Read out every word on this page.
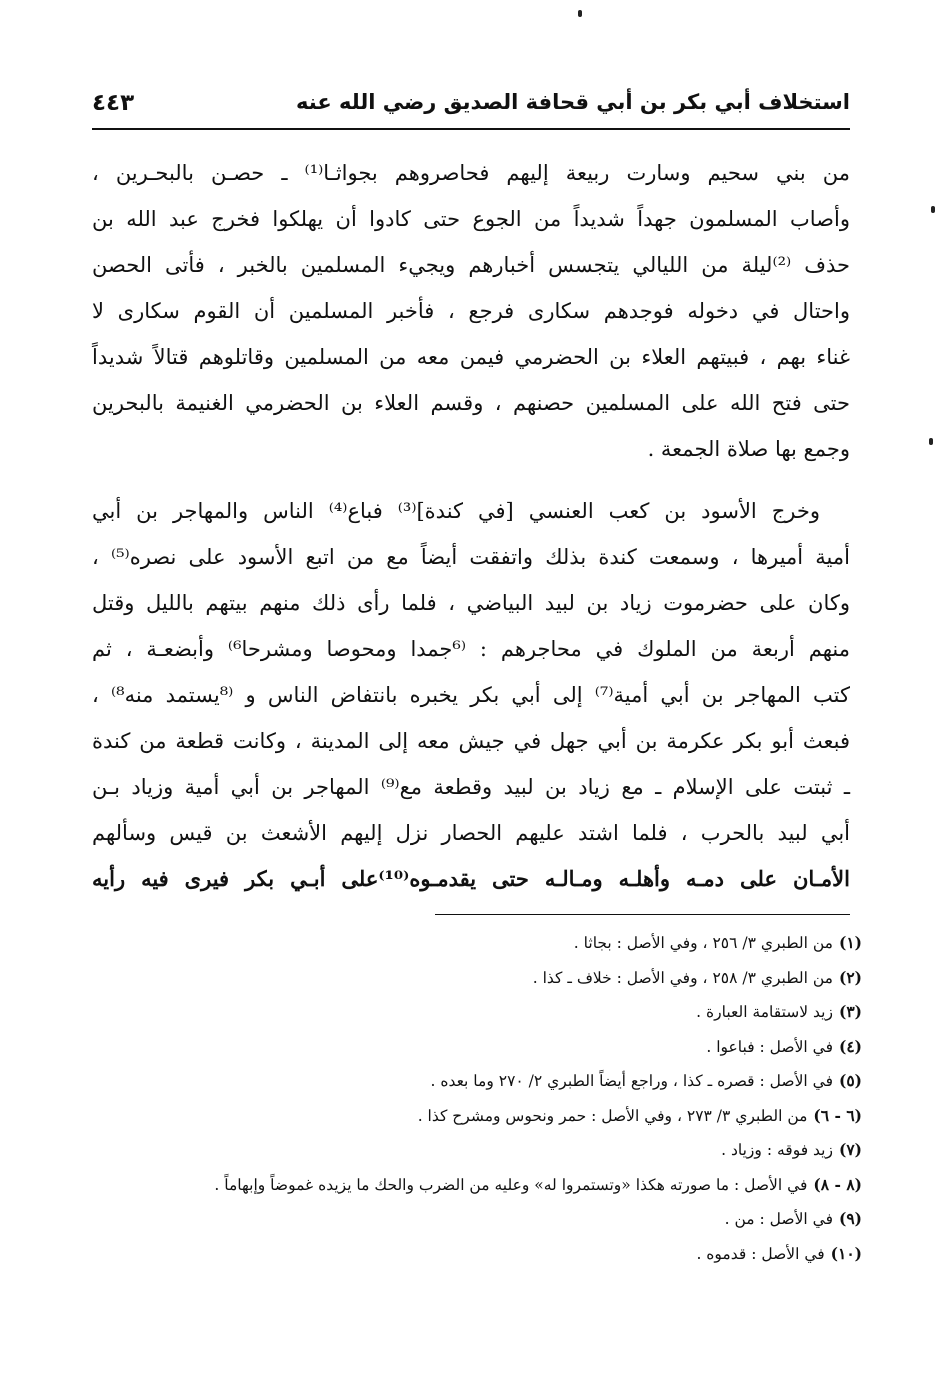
استخلاف أبي بكر بن أبي قحافة الصديق رضي الله عنه
٤٤٣
من بني سحيم وسارت ربيعة إليهم فحاصروهم بجواثـا⁽¹⁾ ـ حصـن بالبحـرين ،
وأصاب المسلمون جهداً شديداً من الجوع حتى كادوا أن يهلكوا فخرج عبد الله بن
حذف ⁽²⁾ليلة من الليالي يتجسس أخبارهم ويجيء المسلمين بالخبر ، فأتى الحصن
واحتال في دخوله فوجدهم سكارى فرجع ، فأخبر المسلمين أن القوم سكارى لا
غناء بهم ، فبيتهم العلاء بن الحضرمي فيمن معه من المسلمين وقاتلوهم قتالاً شديداً
حتى فتح الله على المسلمين حصنهم ، وقسم العلاء بن الحضرمي الغنيمة بالبحرين
وجمع بها صلاة الجمعة .
وخرج الأسود بن كعب العنسي [في كندة]⁽³⁾ فباع⁽⁴⁾ الناس والمهاجر بن أبي
أمية أميرها ، وسمعت كندة بذلك واتفقت أيضاً مع من اتبع الأسود على نصره⁽⁵⁾ ،
وكان على حضرموت زياد بن لبيد البياضي ، فلما رأى ذلك منهم بيتهم بالليل وقتل
منهم أربعة من الملوك في محاجرهم : ⁽⁶جمدا ومحوصا ومشرحا⁶⁾ وأبضعـة ، ثم
كتب المهاجر بن أبي أمية⁽⁷⁾ إلى أبي بكر يخبره بانتفاض الناس و ⁽⁸يستمد منه⁸⁾ ،
فبعث أبو بكر عكرمة بن أبي جهل في جيش معه إلى المدينة ، وكانت قطعة من كندة
ـ ثبتت على الإسلام ـ مع زياد بن لبيد وقطعة مع⁽⁹⁾ المهاجر بن أبي أمية وزياد بـن
أبي لبيد بالحرب ، فلما اشتد عليهم الحصار نزل إليهم الأشعث بن قيس وسألهم
الأمـان على دمـه وأهلـه ومـالـه حتى يقدمـوه⁽¹⁰⁾على أبـي بكر فيرى فيه رأيه
(١)من الطبري ٣/ ٢٥٦ ، وفي الأصل : بجاثا .
(٢)من الطبري ٣/ ٢٥٨ ، وفي الأصل : خلاف ـ كذا .
(٣)زيد لاستقامة العبارة .
(٤)في الأصل : فباعوا .
(٥)في الأصل : قصره ـ كذا ، وراجع أيضاً الطبري ٢/ ٢٧٠ وما بعده .
(٦ - ٦)من الطبري ٣/ ٢٧٣ ، وفي الأصل : حمر ونحوس ومشرح كذا .
(٧)زيد فوقه : وزياد .
(٨ - ٨)في الأصل : ما صورته هكذا «وتستمروا له» وعليه من الضرب والحك ما يزيده غموضاً وإبهاماً .
(٩)في الأصل : من .
(١٠)في الأصل : قدموه .
